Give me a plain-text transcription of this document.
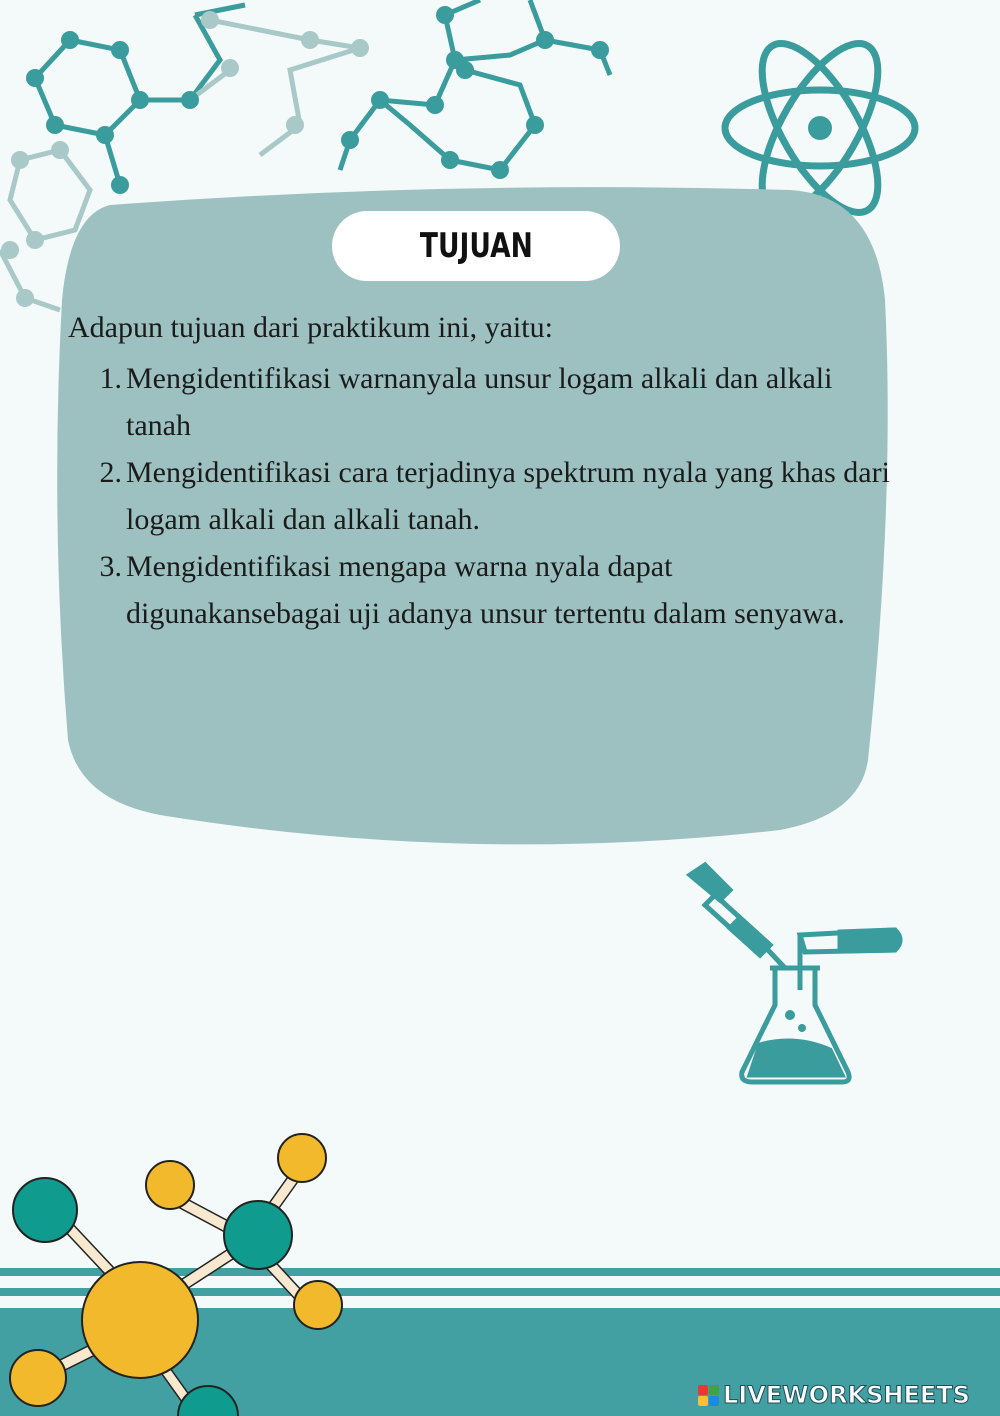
TUJUAN
Adapun tujuan dari praktikum ini, yaitu:
1. Mengidentifikasi warnanyala unsur logam alkali dan alkali tanah
2. Mengidentifikasi cara terjadinya spektrum nyala yang khas dari logam alkali dan alkali tanah.
3. Mengidentifikasi mengapa warna nyala dapat digunakansebagai uji adanya unsur tertentu dalam senyawa.
LIVEWORKSHEETS
